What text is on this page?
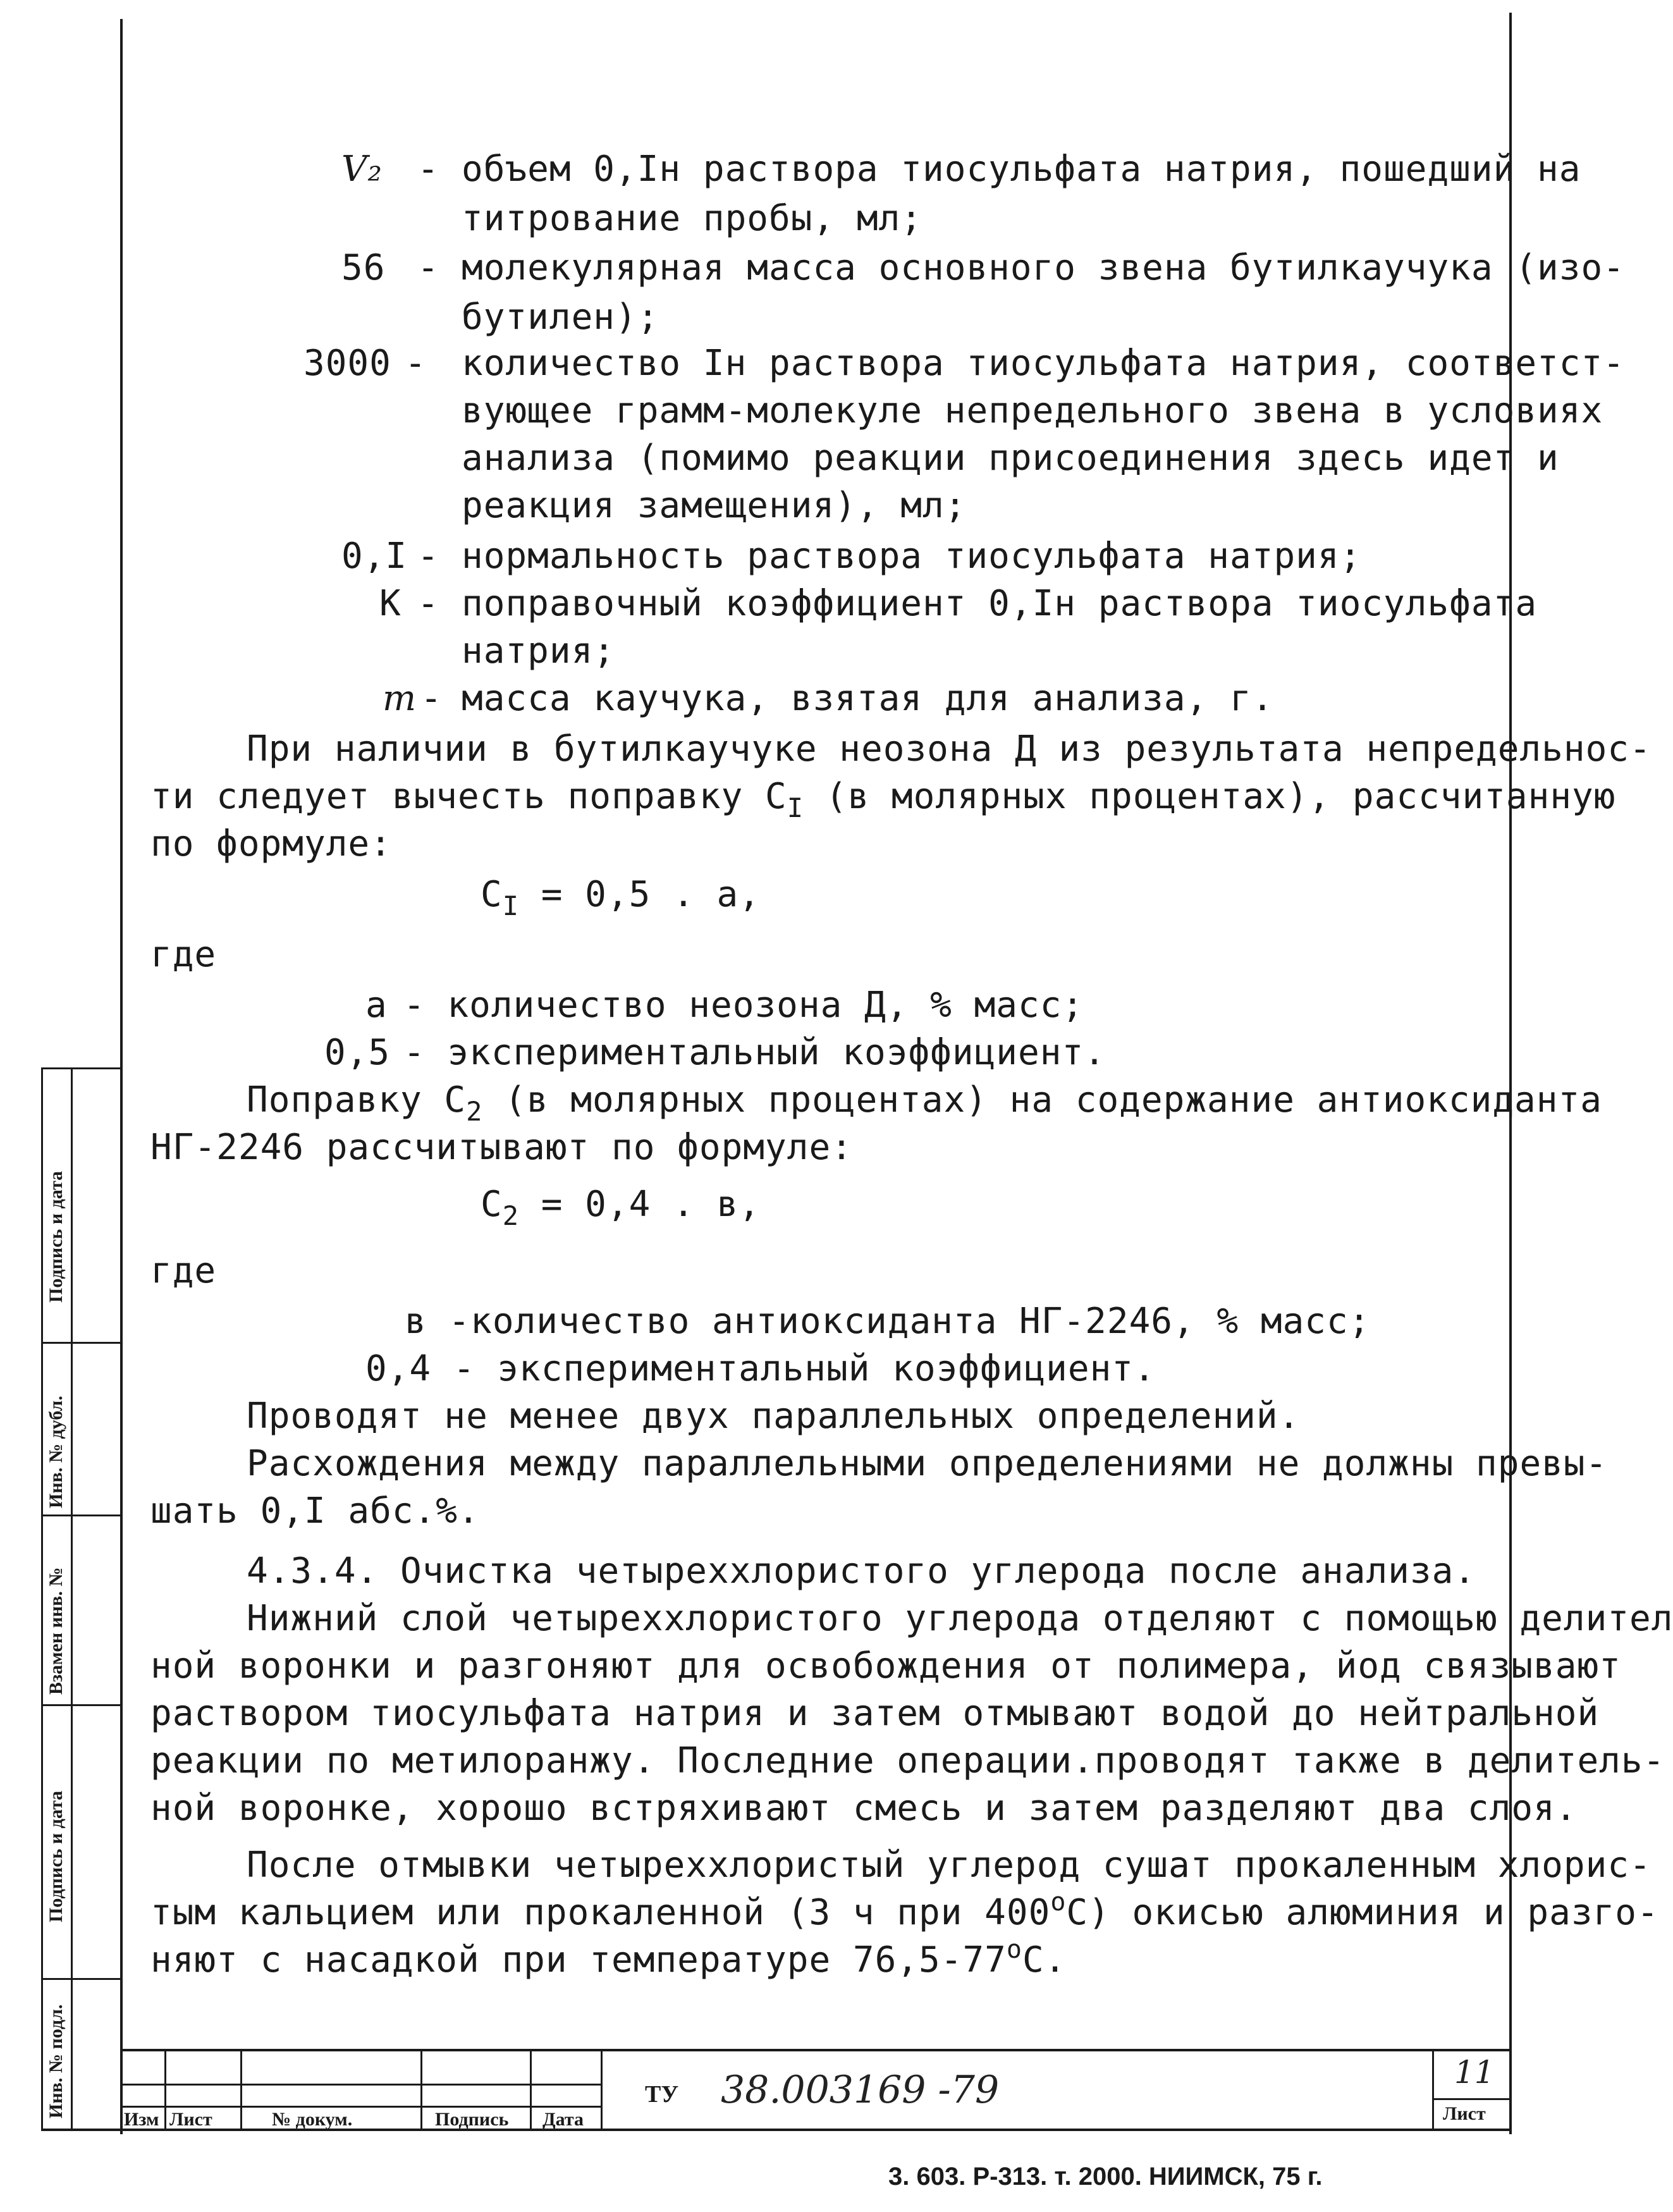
V₂ - объем 0,Iн раствора тиосульфата натрия, пошедший на
титрование пробы, мл;
56 - молекулярная масса основного звена бутилкаучука (изо-
бутилен);
3000 - количество Iн раствора тиосульфата натрия, соответст-
вующее грамм-молекуле непредельного звена в условиях
анализа (помимо реакции присоединения здесь идет и
реакция замещения), мл;
0,I - нормальность раствора тиосульфата натрия;
К - поправочный коэффициент 0,Iн раствора тиосульфата
натрия;
m - масса каучука, взятая для анализа, г.
При наличии в бутилкаучуке неозона Д из результата непредельнос-
ти следует вычесть поправку $С_I$ (в молярных процентах), рассчитанную
по формуле:
$С_I = 0,5$ . а,
где
а - количество неозона Д, % масс;
0,5 - экспериментальный коэффициент.
Поправку $С_2$ (в молярных процентах) на содержание антиоксиданта
НГ-2246 рассчитывают по формуле:
$С_2 = 0,4$ . в,
где
в -количество антиоксиданта НГ-2246, % масс;
0,4 - экспериментальный коэффициент.
Проводят не менее двух параллельных определений.
Расхождения между параллельными определениями не должны превы-
шать 0,I абс.%.
4.3.4. Очистка четыреххлористого углерода после анализа.
Нижний слой четыреххлористого углерода отделяют с помощью делител
ной воронки и разгоняют для освобождения от полимера, йод связывают
раствором тиосульфата натрия и затем отмывают водой до нейтральной
реакции по метилоранжу. Последние операции.проводят также в делитель-
ной воронке, хорошо встряхивают смесь и затем разделяют два слоя.
После отмывки четыреххлористый углерод сушат прокаленным хлорис-
тым кальцием или прокаленной (3 ч при $400^оС$) окисью алюминия и разго-
няют с насадкой при температуре $76,5-77^оС$.
Инв. № подл.
Подпись и дата
Взамен инв. №
Инв. № дубл.
Подпись и дата
Изм Лист	№ докум.	Подпись Дата
ТУ 38.003169 -79	11
Лист
3. 603. Р-313. т. 2000. НИИМСК, 75 г.
